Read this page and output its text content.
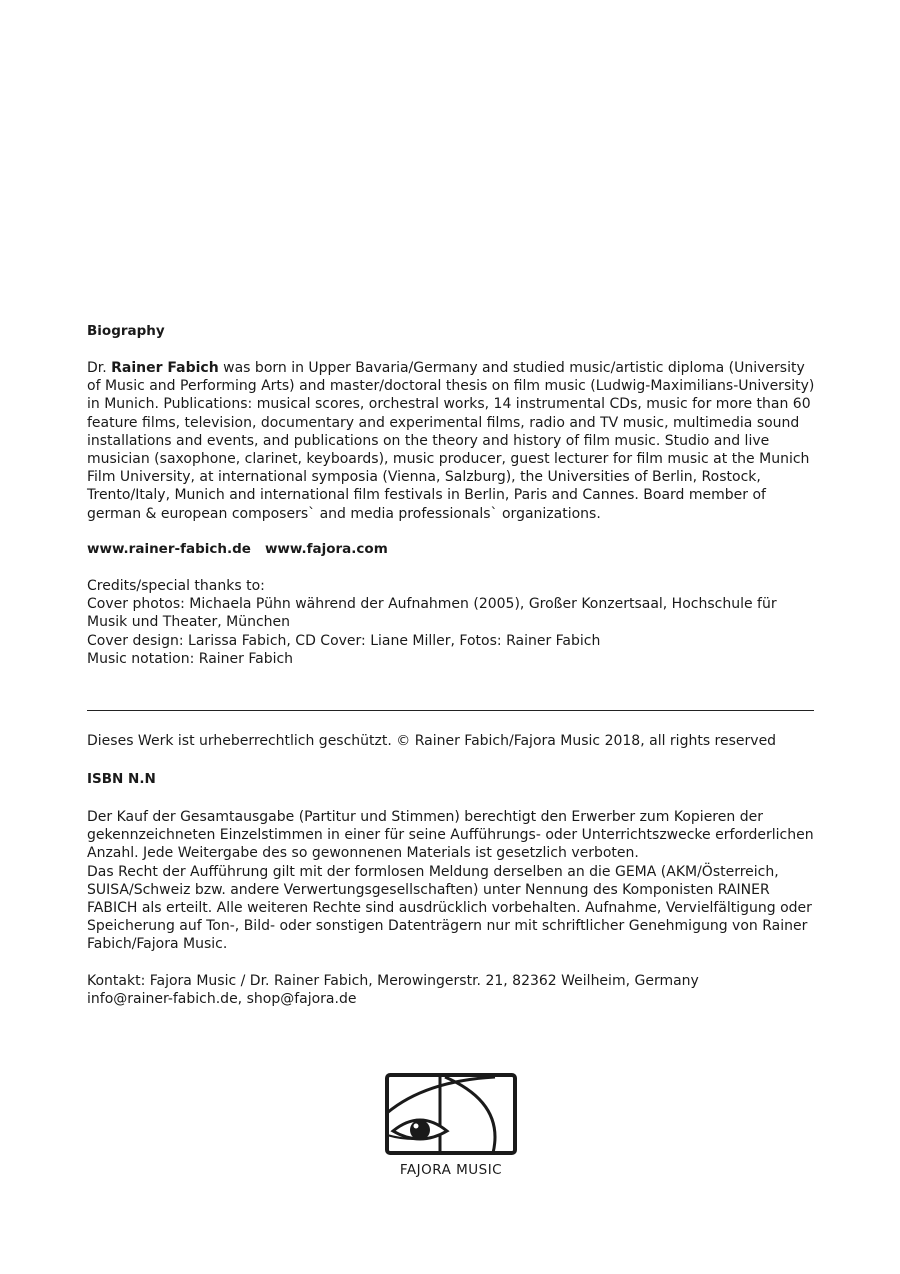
Biography

Dr. Rainer Fabich was born in Upper Bavaria/Germany and studied music/artistic diploma (University of Music and Performing Arts) and master/doctoral thesis on film music (Ludwig-Maximilians-University) in Munich. Publications: musical scores, orchestral works, 14 instrumental CDs, music for more than 60 feature films, television, documentary and experimental films, radio and TV music, multimedia sound installations and events, and publications on the theory and history of film music. Studio and live musician (saxophone, clarinet, keyboards), music producer, guest lecturer for film music at the Munich Film University, at international symposia (Vienna, Salzburg), the Universities of Berlin, Rostock, Trento/Italy, Munich and international film festivals in Berlin, Paris and Cannes. Board member of german & european composers` and media professionals` organizations.

www.rainer-fabich.de www.fajora.com
Credits/special thanks to:
Cover photos: Michaela Pühn während der Aufnahmen (2005), Großer Konzertsaal, Hochschule für Musik und Theater, München
Cover design: Larissa Fabich, CD Cover: Liane Miller, Fotos: Rainer Fabich
Music notation: Rainer Fabich
Dieses Werk ist urheberrechtlich geschützt. © Rainer Fabich/Fajora Music 2018, all rights reserved
ISBN N.N
Der Kauf der Gesamtausgabe (Partitur und Stimmen) berechtigt den Erwerber zum Kopieren der gekennzeichneten Einzelstimmen in einer für seine Aufführungs- oder Unterrichtszwecke erforderlichen Anzahl. Jede Weitergabe des so gewonnenen Materials ist gesetzlich verboten.
Das Recht der Aufführung gilt mit der formlosen Meldung derselben an die GEMA (AKM/Österreich, SUISA/Schweiz bzw. andere Verwertungsgesellschaften) unter Nennung des Komponisten RAINER FABICH als erteilt. Alle weiteren Rechte sind ausdrücklich vorbehalten. Aufnahme, Vervielfältigung oder Speicherung auf Ton-, Bild- oder sonstigen Datenträgern nur mit schriftlicher Genehmigung von Rainer Fabich/Fajora Music.
Kontakt: Fajora Music / Dr. Rainer Fabich, Merowingerstr. 21, 82362 Weilheim, Germany
info@rainer-fabich.de, shop@fajora.de
FAJORA MUSIC
